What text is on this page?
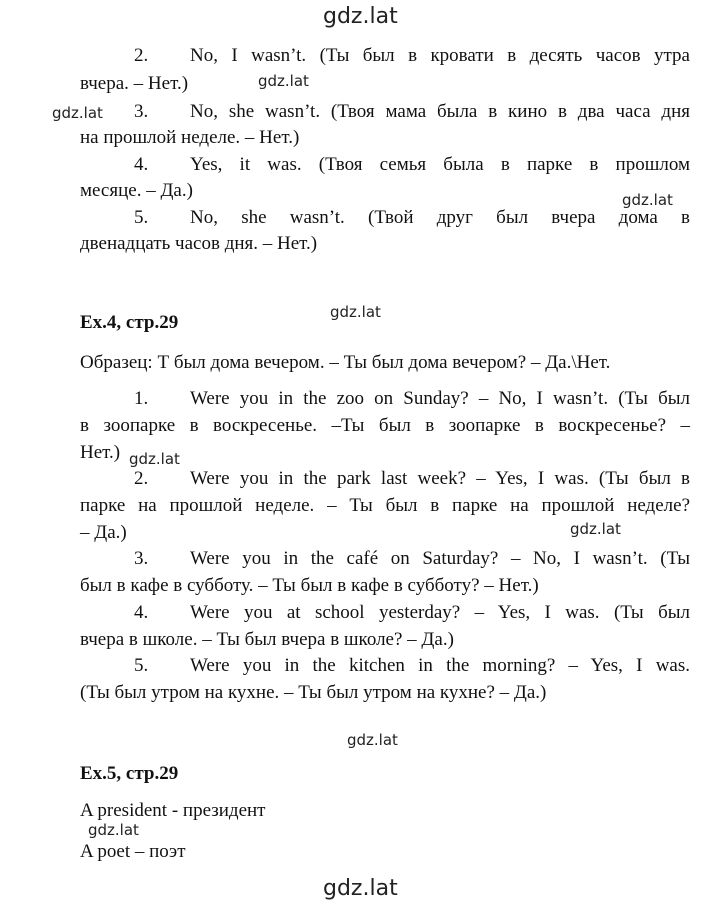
gdz.lat
gdz.lat
gdz.lat
gdz.lat
gdz.lat
gdz.lat
gdz.lat
gdz.lat
gdz.lat
gdz.lat
2. No, I wasn’t. (Ты был в кровати в десять часов утра
вчера. – Нет.)
3. No, she wasn’t. (Твоя мама была в кино в два часа дня
на прошлой неделе. – Нет.)
4. Yes, it was. (Твоя семья была в парке в прошлом
месяце. – Да.)
5. No, she wasn’t. (Твой друг был вчера дома в
двенадцать часов дня. – Нет.)
Ex.4, стр.29
Образец: Т был дома вечером. – Ты был дома вечером? – Да.\Нет.
1. Were you in the zoo on Sunday? – No, I wasn’t. (Ты был
в зоопарке в воскресенье. –Ты был в зоопарке в воскресенье? –
Нет.)
2. Were you in the park last week? – Yes, I was. (Ты был в
парке на прошлой неделе. – Ты был в парке на прошлой неделе?
– Да.)
3. Were you in the café on Saturday? – No, I wasn’t. (Ты
был в кафе в субботу. – Ты был в кафе в субботу? – Нет.)
4. Were you at school yesterday? – Yes, I was. (Ты был
вчера в школе. – Ты был вчера в школе? – Да.)
5. Were you in the kitchen in the morning? – Yes, I was.
(Ты был утром на кухне. – Ты был утром на кухне? – Да.)
Ex.5, стр.29
A president - президент
A poet – поэт
